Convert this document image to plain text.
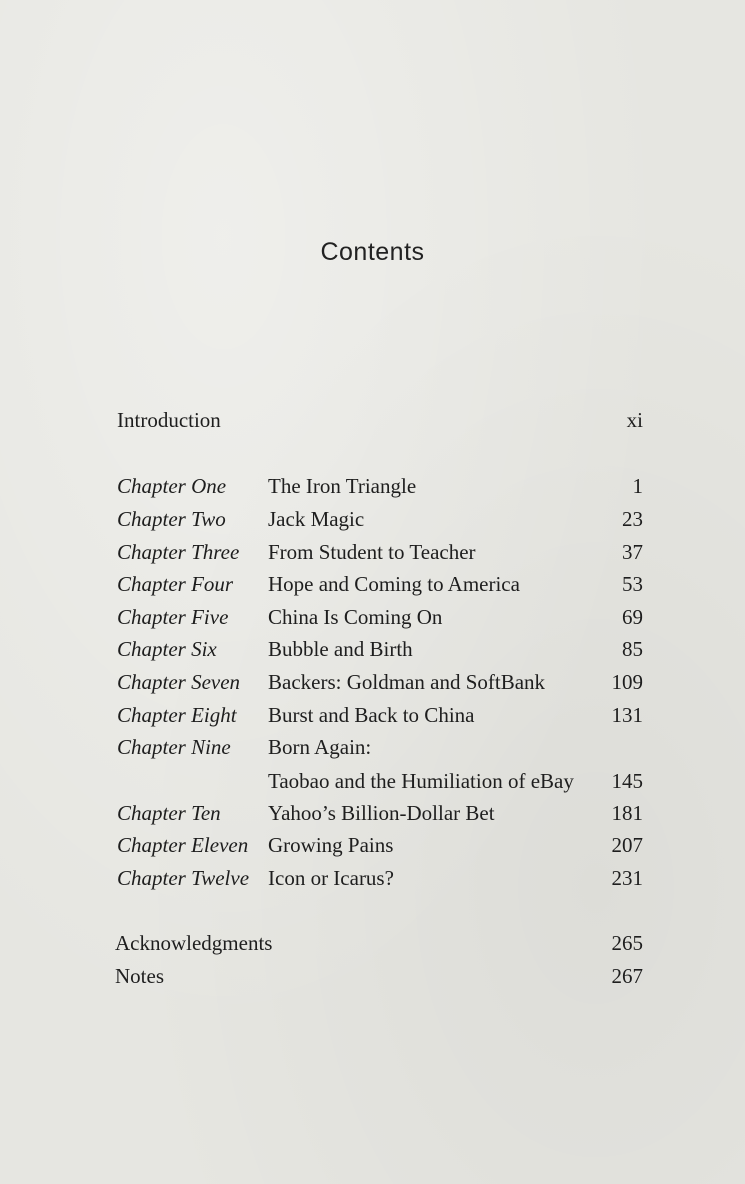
Contents
Introduction	xi
Chapter One The Iron Triangle	1
Chapter Two Jack Magic	23
Chapter Three From Student to Teacher	37
Chapter Four Hope and Coming to America	53
Chapter Five China Is Coming On	69
Chapter Six Bubble and Birth	85
Chapter Seven Backers: Goldman and SoftBank	109
Chapter Eight Burst and Back to China	131
Chapter Nine Born Again:
Taobao and the Humiliation of eBay 145
Chapter Ten Yahoo’s Billion-Dollar Bet	181
Chapter Eleven Growing Pains	207
Chapter Twelve Icon or Icarus?	231
Acknowledgments	265
Notes	267
